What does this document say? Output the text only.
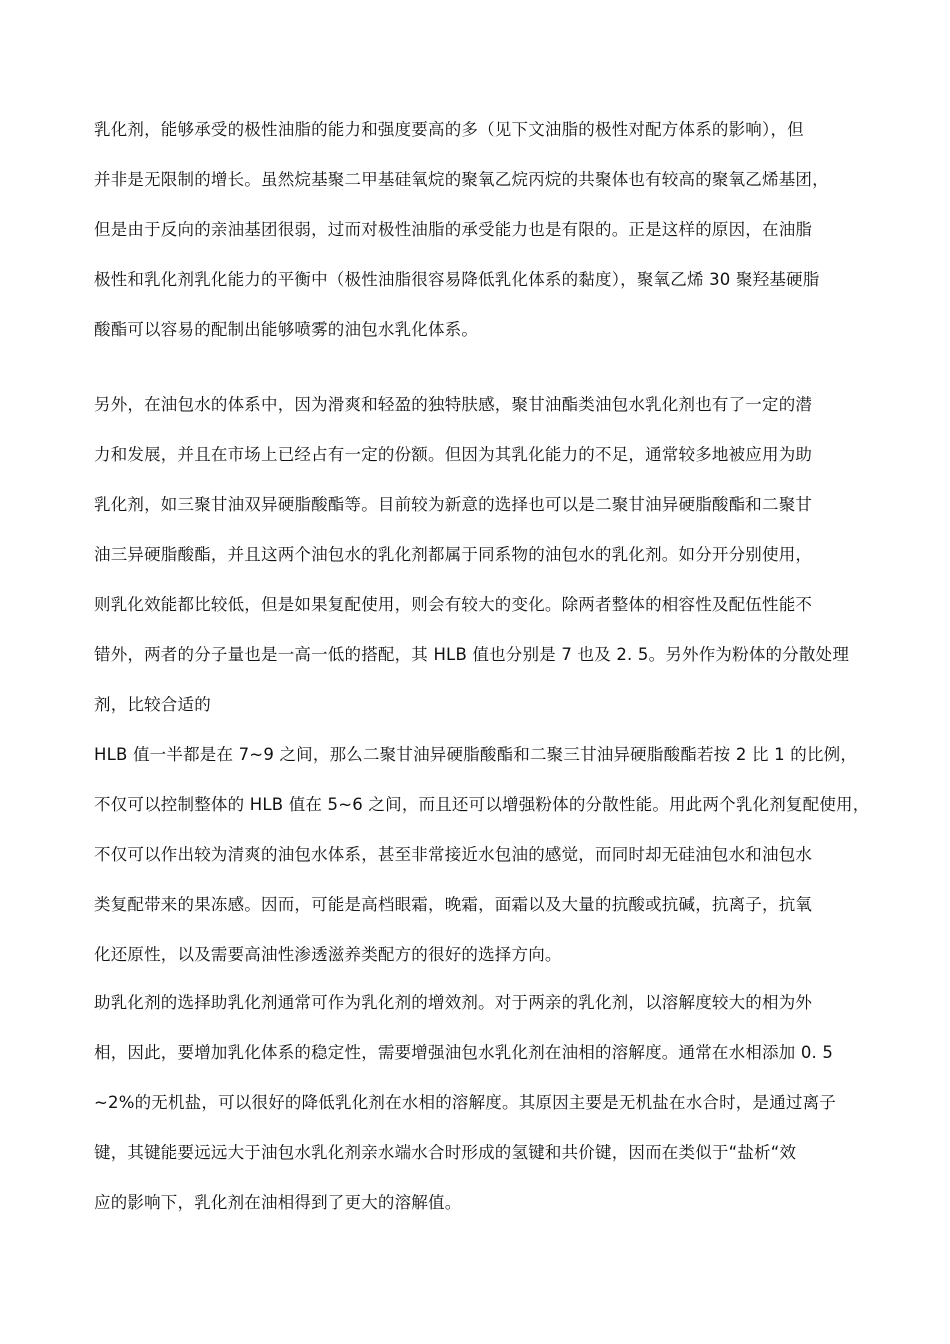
乳化剂，能够承受的极性油脂的能力和强度要高的多（见下文油脂的极性对配方体系的影响），但
并非是无限制的增长。虽然烷基聚二甲基硅氧烷的聚氧乙烷丙烷的共聚体也有较高的聚氧乙烯基团，
但是由于反向的亲油基团很弱，过而对极性油脂的承受能力也是有限的。正是这样的原因，在油脂
极性和乳化剂乳化能力的平衡中（极性油脂很容易降低乳化体系的黏度），聚氧乙烯 30 聚羟基硬脂
酸酯可以容易的配制出能够喷雾的油包水乳化体系。
另外，在油包水的体系中，因为滑爽和轻盈的独特肤感，聚甘油酯类油包水乳化剂也有了一定的潜
力和发展，并且在市场上已经占有一定的份额。但因为其乳化能力的不足，通常较多地被应用为助
乳化剂，如三聚甘油双异硬脂酸酯等。目前较为新意的选择也可以是二聚甘油异硬脂酸酯和二聚甘
油三异硬脂酸酯，并且这两个油包水的乳化剂都属于同系物的油包水的乳化剂。如分开分别使用，
则乳化效能都比较低，但是如果复配使用，则会有较大的变化。除两者整体的相容性及配伍性能不
错外，两者的分子量也是一高一低的搭配，其 HLB 值也分别是 7 也及 2. 5。另外作为粉体的分散处理
剂，比较合适的
HLB 值一半都是在 7~9 之间，那么二聚甘油异硬脂酸酯和二聚三甘油异硬脂酸酯若按 2 比 1 的比例，
不仅可以控制整体的 HLB 值在 5~6 之间，而且还可以增强粉体的分散性能。用此两个乳化剂复配使用，
不仅可以作出较为清爽的油包水体系，甚至非常接近水包油的感觉，而同时却无硅油包水和油包水
类复配带来的果冻感。因而，可能是高档眼霜，晚霜，面霜以及大量的抗酸或抗碱，抗离子，抗氧
化还原性，以及需要高油性渗透滋养类配方的很好的选择方向。
助乳化剂的选择助乳化剂通常可作为乳化剂的增效剂。对于两亲的乳化剂，以溶解度较大的相为外
相，因此，要增加乳化体系的稳定性，需要增强油包水乳化剂在油相的溶解度。通常在水相添加 0. 5
~2%的无机盐，可以很好的降低乳化剂在水相的溶解度。其原因主要是无机盐在水合时，是通过离子
键，其键能要远远大于油包水乳化剂亲水端水合时形成的氢键和共价键，因而在类似于“盐析“效
应的影响下，乳化剂在油相得到了更大的溶解值。
